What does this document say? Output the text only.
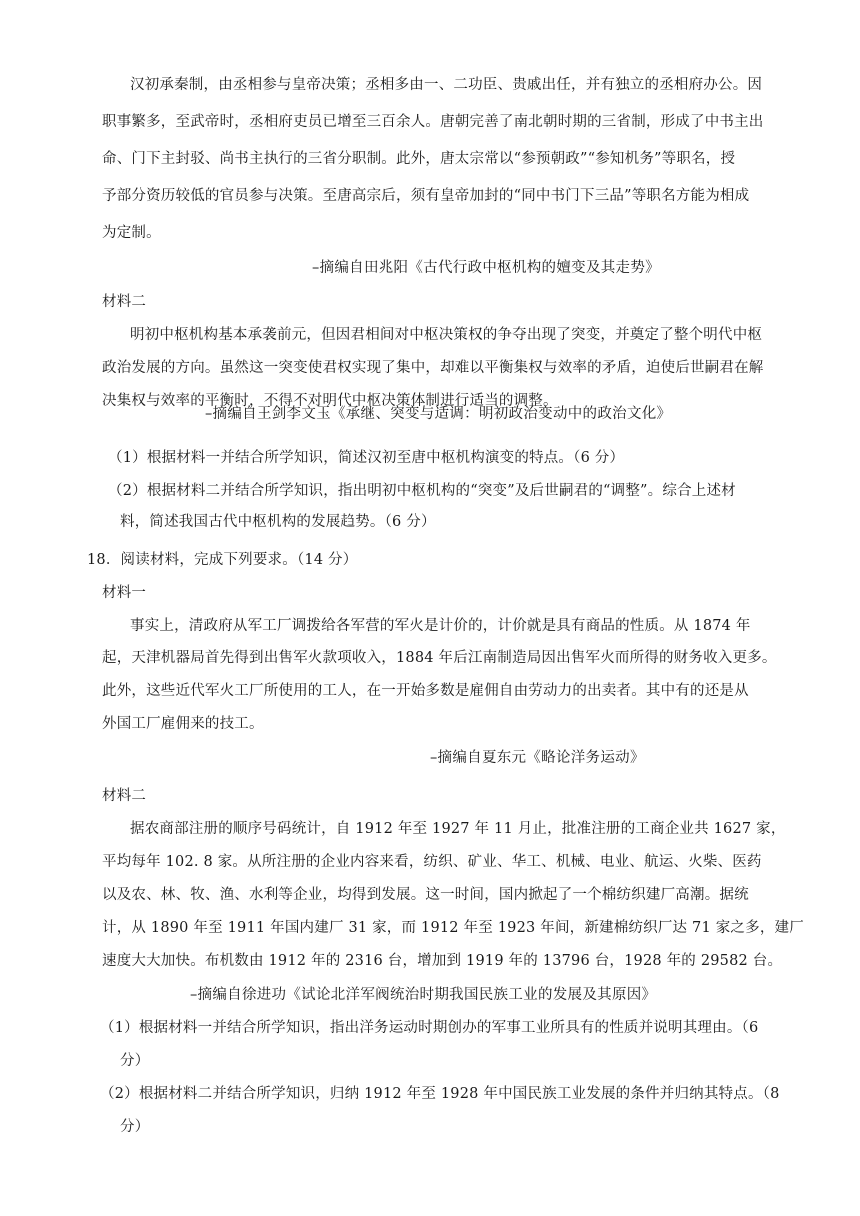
汉初承秦制，由丞相参与皇帝决策；丞相多由一、二功臣、贵戚出任，并有独立的丞相府办公。因
职事繁多，至武帝时，丞相府吏员已增至三百余人。唐朝完善了南北朝时期的三省制，形成了中书主出
命、门下主封驳、尚书主执行的三省分职制。此外，唐太宗常以“参预朝政”“参知机务”等职名，授
予部分资历较低的官员参与决策。至唐高宗后，须有皇帝加封的“同中书门下三品”等职名方能为相成
为定制。
–摘编自田兆阳《古代行政中枢机构的嬗变及其走势》
材料二
明初中枢机构基本承袭前元，但因君相间对中枢决策权的争夺出现了突变，并奠定了整个明代中枢
政治发展的方向。虽然这一突变使君权实现了集中，却难以平衡集权与效率的矛盾，迫使后世嗣君在解
决集权与效率的平衡时，不得不对明代中枢决策体制进行适当的调整。
–摘编自王剑李文玉《承继、突变与适调：明初政治变动中的政治文化》
（1）根据材料一并结合所学知识，简述汉初至唐中枢机构演变的特点。（6 分）
（2）根据材料二并结合所学知识，指出明初中枢机构的“突变”及后世嗣君的“调整”。综合上述材
料，简述我国古代中枢机构的发展趋势。（6 分）
18．阅读材料，完成下列要求。（14 分）
材料一
事实上，清政府从军工厂调拨给各军营的军火是计价的，计价就是具有商品的性质。从 1874 年
起，天津机器局首先得到出售军火款项收入，1884 年后江南制造局因出售军火而所得的财务收入更多。
此外，这些近代军火工厂所使用的工人，在一开始多数是雇佣自由劳动力的出卖者。其中有的还是从
外国工厂雇佣来的技工。
–摘编自夏东元《略论洋务运动》
材料二
据农商部注册的顺序号码统计，自 1912 年至 1927 年 11 月止，批准注册的工商企业共 1627 家，
平均每年 102. 8 家。从所注册的企业内容来看，纺织、矿业、华工、机械、电业、航运、火柴、医药
以及农、林、牧、渔、水利等企业，均得到发展。这一时间，国内掀起了一个棉纺织建厂高潮。据统
计，从 1890 年至 1911 年国内建厂 31 家，而 1912 年至 1923 年间，新建棉纺织厂达 71 家之多，建厂
速度大大加快。布机数由 1912 年的 2316 台，增加到 1919 年的 13796 台，1928 年的 29582 台。
–摘编自徐进功《试论北洋军阀统治时期我国民族工业的发展及其原因》
（1）根据材料一并结合所学知识，指出洋务运动时期创办的军事工业所具有的性质并说明其理由。（6
分）
（2）根据材料二并结合所学知识，归纳 1912 年至 1928 年中国民族工业发展的条件并归纳其特点。（8
分）
